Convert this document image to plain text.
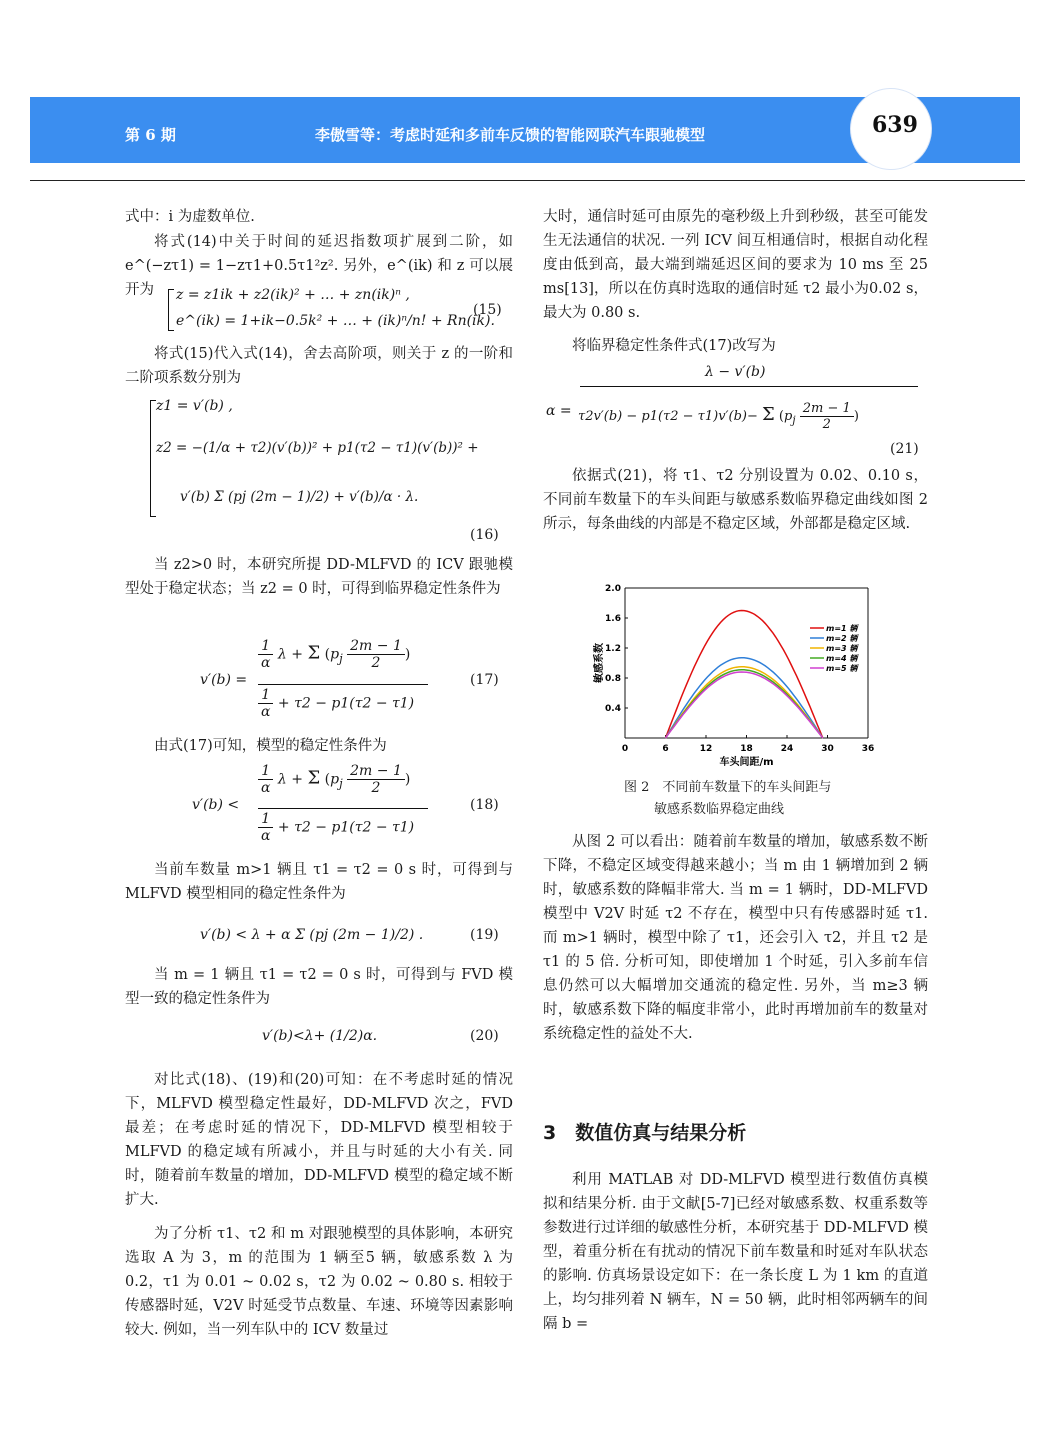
第 6 期	李傲雪等：考虑时延和多前车反馈的智能网联汽车跟驰模型	639

式中：i 为虚数单位.

将式(14)中关于时间的延迟指数项扩展到二阶，如 e^(−zτ1) = 1−zτ1+0.5τ1²z². 另外，e^(ik) 和 z 可以展开为	z = z1ik + z2(ik)² + … + zn(ik)ⁿ ,
e^(ik) = 1+ik−0.5k² + … + (ik)ⁿ/n! + Rn(ik).
(15)

将式(15)代入式(14)，舍去高阶项，则关于 z 的一阶和二阶项系数分别为

z1 = v′(b) ,
z2 = −(1/α + τ2)(v′(b))² + p1(τ2 − τ1)(v′(b))² +
v′(b) Σ (pj (2m − 1)/2) + v′(b)/α · λ.
(16)

当 z2>0 时，本研究所提 DD-MLFVD 的 ICV 跟驰模型处于稳定状态；当 z2 = 0 时，可得到临界稳定性条件为

v′(b) =
$\frac{1}{\alpha}$ λ + Σ ($p_j \frac{2m - 1}{2}$ )
$\frac{1}{\alpha} + \tau 2 - p1(\tau 2 - \tau 1)$
(17)

由式(17)可知，模型的稳定性条件为

v′(b) <
$\frac{1}{\alpha}$ λ + Σ ($p_j \frac{2m - 1}{2}$ )
$\frac{1}{\alpha} + \tau 2 - p1(\tau 2 - \tau 1)$
(18)

当前车数量 m>1 辆且 τ1 = τ2 = 0 s 时，可得到与 MLFVD 模型相同的稳定性条件为

v′(b) < λ + α Σ (pj (2m − 1)/2) .	(19)

当 m = 1 辆且 τ1 = τ2 = 0 s 时，可得到与 FVD 模型一致的稳定性条件为

v′(b)<λ+ (1/2)α.	(20)

对比式(18)、(19)和(20)可知：在不考虑时延的情况下，MLFVD 模型稳定性最好，DD-MLFVD 次之，FVD 最差；在考虑时延的情况下，DD-MLFVD 模型相较于 MLFVD 的稳定域有所减小，并且与时延的大小有关. 同时，随着前车数量的增加，DD-MLFVD 模型的稳定域不断扩大.

为了分析 τ1、τ2 和 m 对跟驰模型的具体影响，本研究选取 A 为 3，m 的范围为 1 辆至5 辆，敏感系数 λ 为 0.2，τ1 为 0.01 ~ 0.02 s，τ2 为 0.02 ~ 0.80 s. 相较于传感器时延，V2V 时延受节点数量、车速、环境等因素影响较大. 例如，当一列车队中的 ICV 数量过

大时，通信时延可由原先的毫秒级上升到秒级，甚至可能发生无法通信的状况. 一列 ICV 间互相通信时，根据自动化程度由低到高，最大端到端延迟区间的要求为 10 ms 至 25 ms[13]，所以在仿真时选取的通信时延 τ2 最小为0.02 s，最大为 0.80 s.

将临界稳定性条件式(17)改写为

α =
λ − v′(b)
τ2v′(b) − p1(τ2 − τ1)v′(b)− Σ ($p_j \frac{2m - 1}{2}$ )
(21)

依据式(21)，将 τ1、τ2 分别设置为 0.02、0.10 s，不同前车数量下的车头间距与敏感系数临界稳定曲线如图 2 所示，每条曲线的内部是不稳定区域，外部都是稳定区域.

0	6	12	18	24	30	36
0.4
0.8
1.2
1.6
2.0
车头间距/m
敏感系数
m=1 辆
m=2 辆
m=3 辆
m=4 辆
m=5 辆
图 2　不同前车数量下的车头间距与
敏感系数临界稳定曲线

从图 2 可以看出：随着前车数量的增加，敏感系数不断下降，不稳定区域变得越来越小；当 m 由 1 辆增加到 2 辆时，敏感系数的降幅非常大. 当 m = 1 辆时，DD-MLFVD 模型中 V2V 时延 τ2 不存在，模型中只有传感器时延 τ1. 而 m>1 辆时，模型中除了 τ1，还会引入 τ2，并且 τ2 是 τ1 的 5 倍. 分析可知，即使增加 1 个时延，引入多前车信息仍然可以大幅增加交通流的稳定性. 另外，当 m≥3 辆时，敏感系数下降的幅度非常小，此时再增加前车的数量对系统稳定性的益处不大.

3　数值仿真与结果分析

利用 MATLAB 对 DD-MLFVD 模型进行数值仿真模拟和结果分析. 由于文献[5-7]已经对敏感系数、权重系数等参数进行过详细的敏感性分析，本研究基于 DD-MLFVD 模型，着重分析在有扰动的情况下前车数量和时延对车队状态的影响. 仿真场景设定如下：在一条长度 L 为 1 km 的直道上，均匀排列着 N 辆车，N = 50 辆，此时相邻两辆车的间隔 b =
